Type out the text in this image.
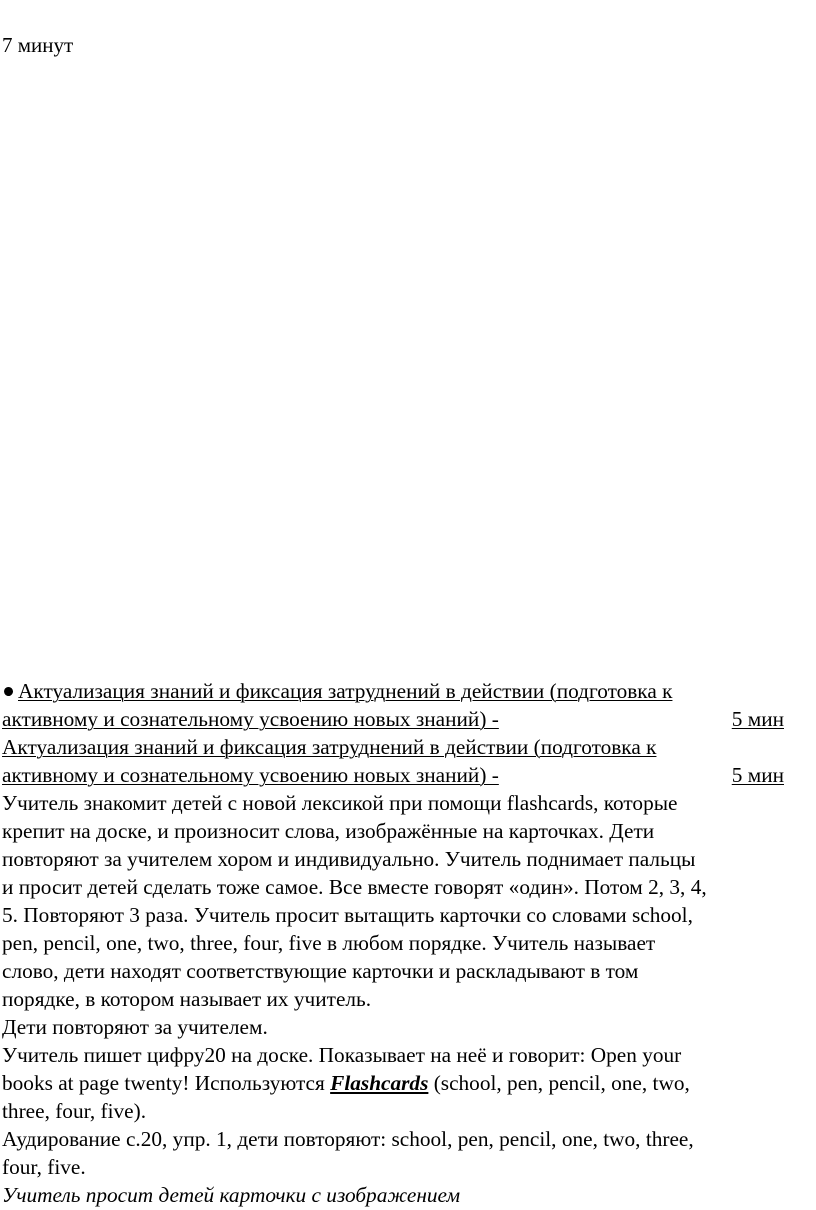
7 минут
Актуализация знаний и фиксация затруднений в действии (подготовка к
активному и сознательному усвоению новых знаний) -	5 мин
Актуализация знаний и фиксация затруднений в действии (подготовка к
активному и сознательному усвоению новых знаний) -	5 мин
Учитель знакомит детей с новой лексикой при помощи flashcards, которые
крепит на доске, и произносит слова, изображённые на карточках. Дети
повторяют за учителем хором и индивидуально. Учитель поднимает пальцы
и просит детей сделать тоже самое. Все вместе говорят «один». Потом 2, 3, 4,
5. Повторяют 3 раза. Учитель просит вытащить карточки со словами school,
pen, pencil, one, two, three, four, five в любом порядке. Учитель называет
слово, дети находят соответствующие карточки и раскладывают в том
порядке, в котором называет их учитель.
Дети повторяют за учителем.
Учитель пишет цифру20 на доске. Показывает на неё и говорит: Open your
books at page twenty! Используются Flashcards (school, pen, pencil, one, two,
three, four, five).
Аудирование с.20, упр. 1, дети повторяют: school, pen, pencil, one, two, three,
four, five.
Учитель просит детей карточки с изображением
